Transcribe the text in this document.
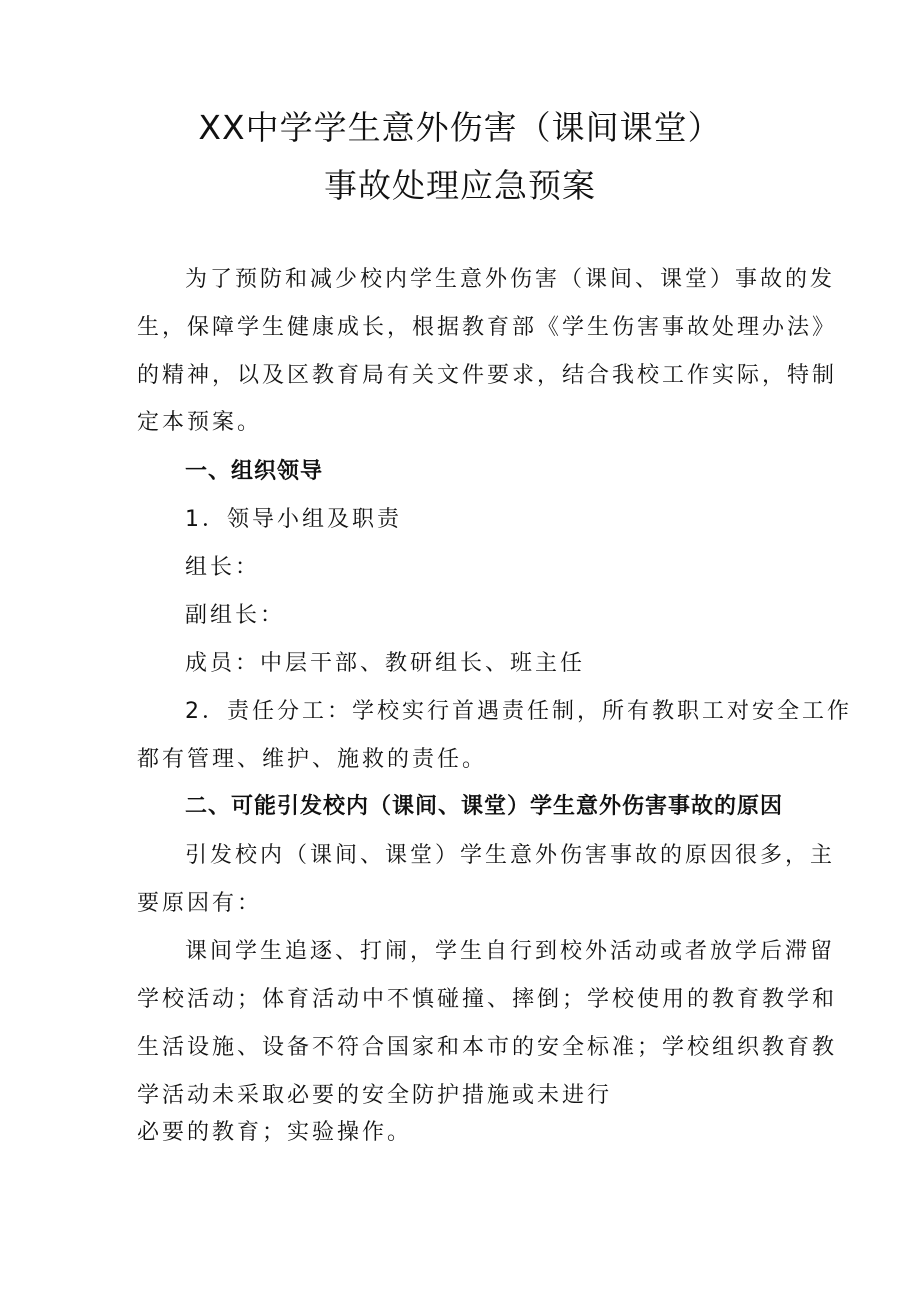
XX中学学生意外伤害（课间课堂）
事故处理应急预案
为了预防和减少校内学生意外伤害（课间、课堂）事故的发
生，保障学生健康成长，根据教育部《学生伤害事故处理办法》
的精神，以及区教育局有关文件要求，结合我校工作实际，特制
定本预案。
一、组织领导
1．领导小组及职责
组长：
副组长：
成员：中层干部、教研组长、班主任
2．责任分工：学校实行首遇责任制，所有教职工对安全工作
都有管理、维护、施救的责任。
二、可能引发校内（课间、课堂）学生意外伤害事故的原因
引发校内（课间、课堂）学生意外伤害事故的原因很多，主
要原因有：
课间学生追逐、打闹，学生自行到校外活动或者放学后滞留
学校活动；体育活动中不慎碰撞、摔倒；学校使用的教育教学和
生活设施、设备不符合国家和本市的安全标准；学校组织教育教
学活动未采取必要的安全防护措施或未进行
必要的教育；实验操作。
